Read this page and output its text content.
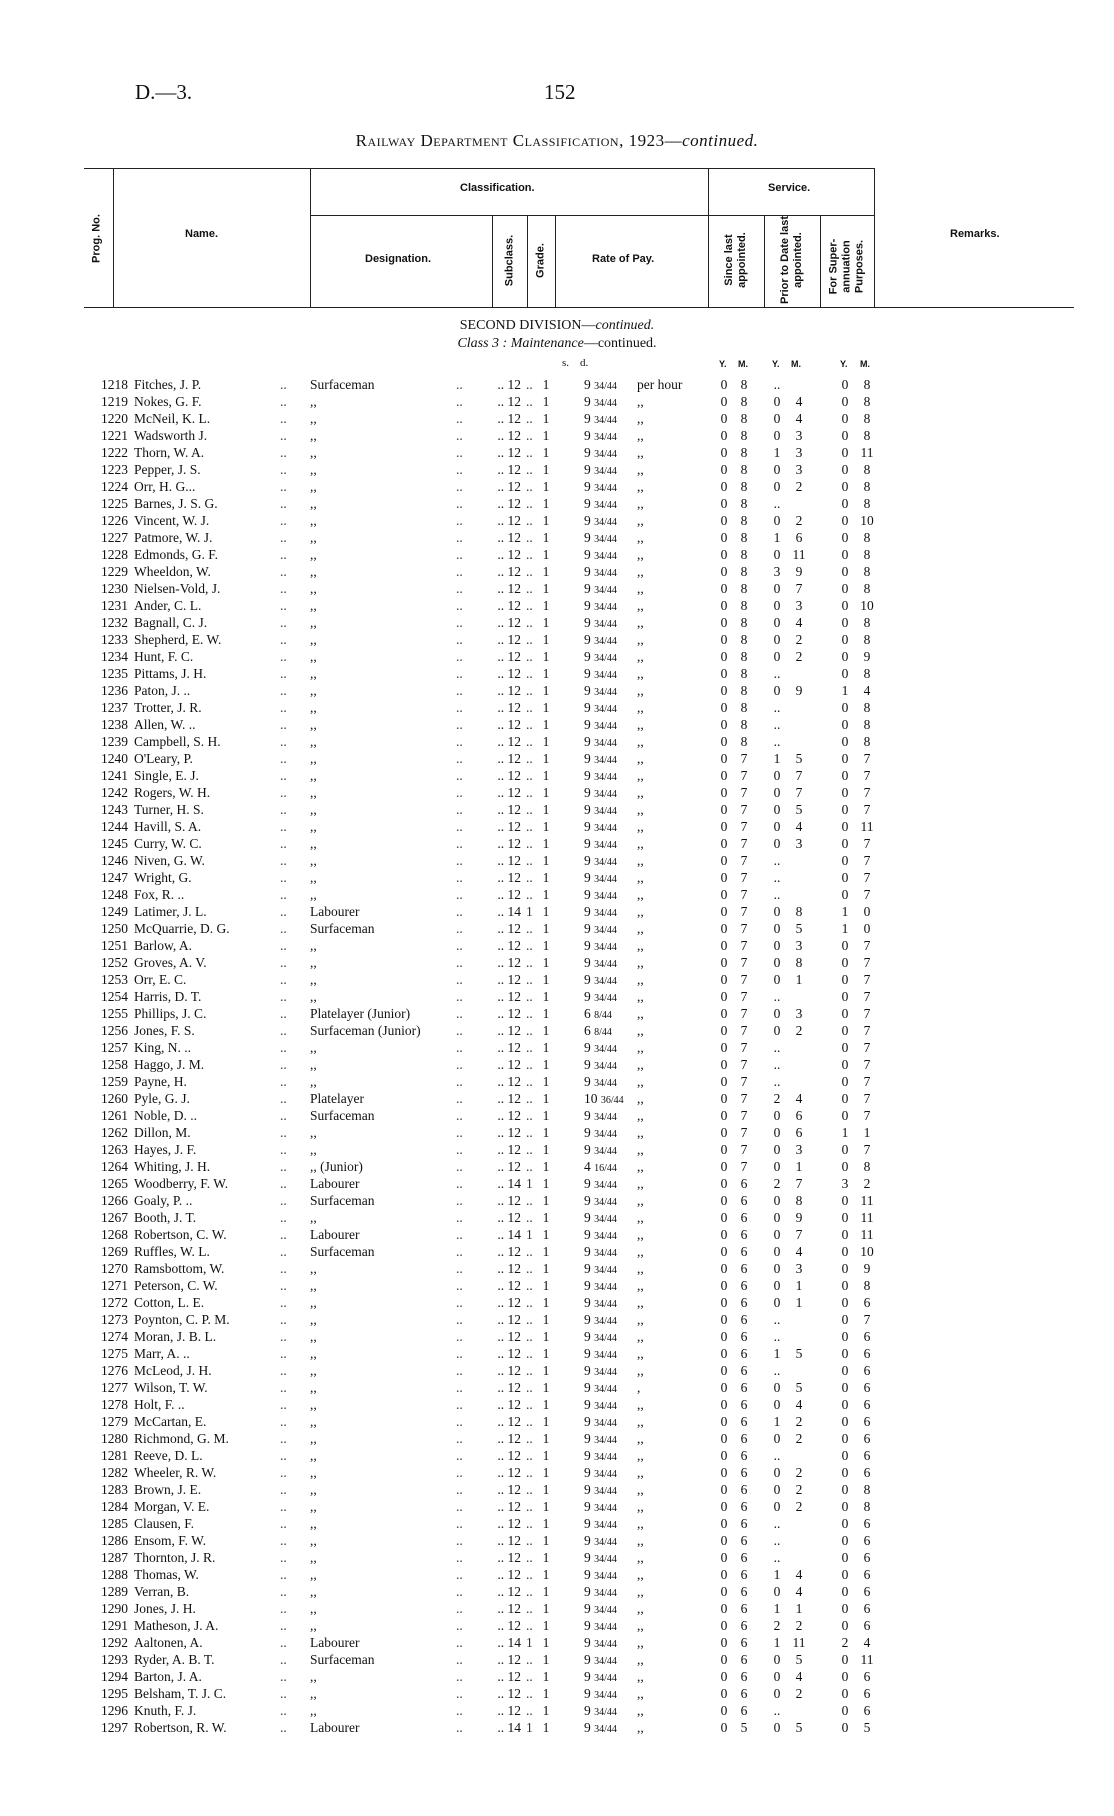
D.—3.	152
Railway Department Classification, 1923—continued.
Prog. No.	Name.
Classification.
Designation.	Subclass. Grade.	Rate of Pay.
Service.
Since last appointed.	Prior to Date last appointed. For Super-annuation Purposes.
Remarks.
SECOND DIVISION—continued.
Class 3 : Maintenance—continued.
s. d.	Y. M.	Y. M.	Y. M.
1218 Fitches, J. P.	.. Surfaceman	..	.. 12 .. 1	9 34/44 per hour	0 8	..	0	8
1219 Nokes, G. F.	.. ,,	..	.. 12 .. 1	9 34/44 ,,	0 8	0	4	0	8
1220 McNeil, K. L.	.. ,,	..	.. 12 .. 1	9 34/44 ,,	0 8	0	4	0	8
1221 Wadsworth J.	.. ,,	..	.. 12 .. 1	9 34/44 ,,	0 8	0	3	0	8
1222 Thorn, W. A.	.. ,,	..	.. 12 .. 1	9 34/44 ,,	0 8	1	3	0 11
1223 Pepper, J. S.	.. ,,	..	.. 12 .. 1	9 34/44 ,,	0 8	0	3	0	8
1224 Orr, H. G...	.. ,,	..	.. 12 .. 1	9 34/44 ,,	0 8	0	2	0	8
1225 Barnes, J. S. G.	.. ,,	..	.. 12 .. 1	9 34/44 ,,	0 8	..	0	8
1226 Vincent, W. J.	.. ,,	..	.. 12 .. 1	9 34/44 ,,	0 8	0	2	0 10
1227 Patmore, W. J.	.. ,,	..	.. 12 .. 1	9 34/44 ,,	0 8	1	6	0	8
1228 Edmonds, G. F.	.. ,,	..	.. 12 .. 1	9 34/44 ,,	0 8	0 11	0	8
1229 Wheeldon, W.	.. ,,	..	.. 12 .. 1	9 34/44 ,,	0 8	3	9	0	8
1230 Nielsen-Vold, J.	.. ,,	..	.. 12 .. 1	9 34/44 ,,	0 8	0	7	0	8
1231 Ander, C. L.	.. ,,	..	.. 12 .. 1	9 34/44 ,,	0 8	0	3	0 10
1232 Bagnall, C. J.	.. ,,	..	.. 12 .. 1	9 34/44 ,,	0 8	0	4	0	8
1233 Shepherd, E. W.	.. ,,	..	.. 12 .. 1	9 34/44 ,,	0 8	0	2	0	8
1234 Hunt, F. C.	.. ,,	..	.. 12 .. 1	9 34/44 ,,	0 8	0	2	0	9
1235 Pittams, J. H.	.. ,,	..	.. 12 .. 1	9 34/44 ,,	0 8	..	0	8
1236 Paton, J. ..	.. ,,	..	.. 12 .. 1	9 34/44 ,,	0 8	0	9	1	4
1237 Trotter, J. R.	.. ,,	..	.. 12 .. 1	9 34/44 ,,	0 8	..	0	8
1238 Allen, W. ..	.. ,,	..	.. 12 .. 1	9 34/44 ,,	0 8	..	0	8
1239 Campbell, S. H.	.. ,,	..	.. 12 .. 1	9 34/44 ,,	0 8	..	0	8
1240 O'Leary, P.	.. ,,	..	.. 12 .. 1	9 34/44 ,,	0 7	1	5	0	7
1241 Single, E. J.	.. ,,	..	.. 12 .. 1	9 34/44 ,,	0 7	0	7	0	7
1242 Rogers, W. H.	.. ,,	..	.. 12 .. 1	9 34/44 ,,	0 7	0	7	0	7
1243 Turner, H. S.	.. ,,	..	.. 12 .. 1	9 34/44 ,,	0 7	0	5	0	7
1244 Havill, S. A.	.. ,,	..	.. 12 .. 1	9 34/44 ,,	0 7	0	4	0 11
1245 Curry, W. C.	.. ,,	..	.. 12 .. 1	9 34/44 ,,	0 7	0	3	0	7
1246 Niven, G. W.	.. ,,	..	.. 12 .. 1	9 34/44 ,,	0 7	..	0	7
1247 Wright, G.	.. ,,	..	.. 12 .. 1	9 34/44 ,,	0 7	..	0	7
1248 Fox, R. ..	.. ,,	..	.. 12 .. 1	9 34/44 ,,	0 7	..	0	7
1249 Latimer, J. L.	.. Labourer	..	.. 14 1 1	9 34/44 ,,	0 7	0	8	1	0
1250 McQuarrie, D. G.	.. Surfaceman	..	.. 12 .. 1	9 34/44 ,,	0 7	0	5	1	0
1251 Barlow, A.	.. ,,	..	.. 12 .. 1	9 34/44 ,,	0 7	0	3	0	7
1252 Groves, A. V.	.. ,,	..	.. 12 .. 1	9 34/44 ,,	0 7	0	8	0	7
1253 Orr, E. C.	.. ,,	..	.. 12 .. 1	9 34/44 ,,	0 7	0	1	0	7
1254 Harris, D. T.	.. ,,	..	.. 12 .. 1	9 34/44 ,,	0 7	..	0	7
1255 Phillips, J. C.	.. Platelayer (Junior)	..	.. 12 .. 1	6 8/44 ,,	0 7	0	3	0	7
1256 Jones, F. S.	.. Surfaceman (Junior)	..	.. 12 .. 1	6 8/44 ,,	0 7	0	2	0	7
1257 King, N. ..	.. ,,	..	.. 12 .. 1	9 34/44 ,,	0 7	..	0	7
1258 Haggo, J. M.	.. ,,	..	.. 12 .. 1	9 34/44 ,,	0 7	..	0	7
1259 Payne, H.	.. ,,	..	.. 12 .. 1	9 34/44 ,,	0 7	..	0	7
1260 Pyle, G. J.	.. Platelayer	..	.. 12 .. 1	10 36/44 ,,	0 7	2	4	0	7
1261 Noble, D. ..	.. Surfaceman	..	.. 12 .. 1	9 34/44 ,,	0 7	0	6	0	7
1262 Dillon, M.	.. ,,	..	.. 12 .. 1	9 34/44 ,,	0 7	0	6	1	1
1263 Hayes, J. F.	.. ,,	..	.. 12 .. 1	9 34/44 ,,	0 7	0	3	0	7
1264 Whiting, J. H.	.. ,, (Junior)	..	.. 12 .. 1	4 16/44 ,,	0 7	0	1	0	8
1265 Woodberry, F. W.	.. Labourer	..	.. 14 1 1	9 34/44 ,,	0 6	2	7	3	2
1266 Goaly, P. ..	.. Surfaceman	..	.. 12 .. 1	9 34/44 ,,	0 6	0	8	0 11
1267 Booth, J. T.	.. ,,	..	.. 12 .. 1	9 34/44 ,,	0 6	0	9	0 11
1268 Robertson, C. W.	.. Labourer	..	.. 14 1 1	9 34/44 ,,	0 6	0	7	0 11
1269 Ruffles, W. L.	.. Surfaceman	..	.. 12 .. 1	9 34/44 ,,	0 6	0	4	0 10
1270 Ramsbottom, W.	.. ,,	..	.. 12 .. 1	9 34/44 ,,	0 6	0	3	0	9
1271 Peterson, C. W.	.. ,,	..	.. 12 .. 1	9 34/44 ,,	0 6	0	1	0	8
1272 Cotton, L. E.	.. ,,	..	.. 12 .. 1	9 34/44 ,,	0 6	0	1	0	6
1273 Poynton, C. P. M.	.. ,,	..	.. 12 .. 1	9 34/44 ,,	0 6	..	0	7
1274 Moran, J. B. L.	.. ,,	..	.. 12 .. 1	9 34/44 ,,	0 6	..	0	6
1275 Marr, A. ..	.. ,,	..	.. 12 .. 1	9 34/44 ,,	0 6	1	5	0	6
1276 McLeod, J. H.	.. ,,	..	.. 12 .. 1	9 34/44 ,,	0 6	..	0	6
1277 Wilson, T. W.	.. ,,	..	.. 12 .. 1	9 34/44 ,	0 6	0	5	0	6
1278 Holt, F. ..	.. ,,	..	.. 12 .. 1	9 34/44 ,,	0 6	0	4	0	6
1279 McCartan, E.	.. ,,	..	.. 12 .. 1	9 34/44 ,,	0 6	1	2	0	6
1280 Richmond, G. M.	.. ,,	..	.. 12 .. 1	9 34/44 ,,	0 6	0	2	0	6
1281 Reeve, D. L.	.. ,,	..	.. 12 .. 1	9 34/44 ,,	0 6	..	0	6
1282 Wheeler, R. W.	.. ,,	..	.. 12 .. 1	9 34/44 ,,	0 6	0	2	0	6
1283 Brown, J. E.	.. ,,	..	.. 12 .. 1	9 34/44 ,,	0 6	0	2	0	8
1284 Morgan, V. E.	.. ,,	..	.. 12 .. 1	9 34/44 ,,	0 6	0	2	0	8
1285 Clausen, F.	.. ,,	..	.. 12 .. 1	9 34/44 ,,	0 6	..	0	6
1286 Ensom, F. W.	.. ,,	..	.. 12 .. 1	9 34/44 ,,	0 6	..	0	6
1287 Thornton, J. R.	.. ,,	..	.. 12 .. 1	9 34/44 ,,	0 6	..	0	6
1288 Thomas, W.	.. ,,	..	.. 12 .. 1	9 34/44 ,,	0 6	1	4	0	6
1289 Verran, B.	.. ,,	..	.. 12 .. 1	9 34/44 ,,	0 6	0	4	0	6
1290 Jones, J. H.	.. ,,	..	.. 12 .. 1	9 34/44 ,,	0 6	1	1	0	6
1291 Matheson, J. A.	.. ,,	..	.. 12 .. 1	9 34/44 ,,	0 6	2	2	0	6
1292 Aaltonen, A.	.. Labourer	..	.. 14 1 1	9 34/44 ,,	0 6	1 11	2	4
1293 Ryder, A. B. T.	.. Surfaceman	..	.. 12 .. 1	9 34/44 ,,	0 6	0	5	0 11
1294 Barton, J. A.	.. ,,	..	.. 12 .. 1	9 34/44 ,,	0 6	0	4	0	6
1295 Belsham, T. J. C.	.. ,,	..	.. 12 .. 1	9 34/44 ,,	0 6	0	2	0	6
1296 Knuth, F. J.	.. ,,	..	.. 12 .. 1	9 34/44 ,,	0 6	..	0	6
1297 Robertson, R. W.	.. Labourer	..	.. 14 1 1	9 34/44 ,,	0 5	0	5	0	5
